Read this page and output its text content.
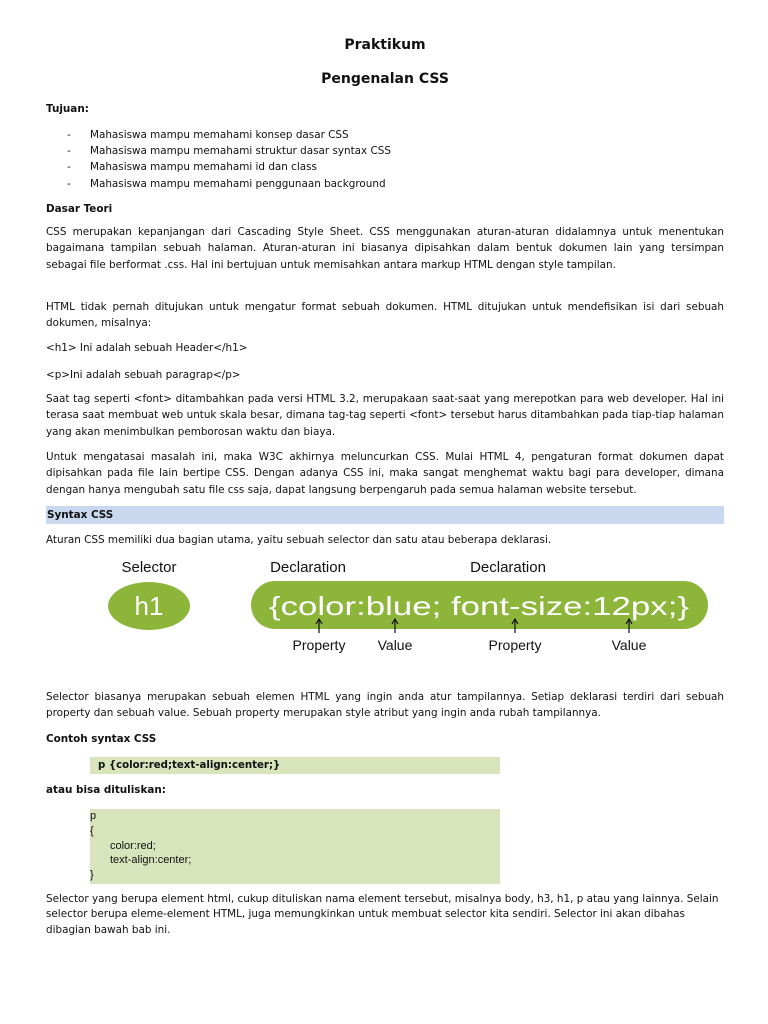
Praktikum

Pengenalan CSS

Tujuan:

- Mahasiswa mampu memahami konsep dasar CSS
- Mahasiswa mampu memahami struktur dasar syntax CSS
- Mahasiswa mampu memahami id dan class
- Mahasiswa mampu memahami penggunaan background

Dasar Teori

CSS merupakan kepanjangan dari Cascading Style Sheet. CSS menggunakan aturan-aturan didalamnya untuk menentukan bagaimana tampilan sebuah halaman. Aturan-aturan ini biasanya dipisahkan dalam bentuk dokumen lain yang tersimpan sebagai file berformat .css. Hal ini bertujuan untuk memisahkan antara markup HTML dengan style tampilan.

HTML tidak pernah ditujukan untuk mengatur format sebuah dokumen. HTML ditujukan untuk mendefisikan isi dari sebuah dokumen, misalnya:

<h1> Ini adalah sebuah Header</h1>

<p>Ini adalah sebuah paragrap</p>

Saat tag seperti <font> ditambahkan pada versi HTML 3.2, merupakaan saat-saat yang merepotkan para web developer. Hal ini terasa saat membuat web untuk skala besar, dimana tag-tag seperti <font> tersebut harus ditambahkan pada tiap-tiap halaman yang akan menimbulkan pemborosan waktu dan biaya.

Untuk mengatasai masalah ini, maka W3C akhirnya meluncurkan CSS. Mulai HTML 4, pengaturan format dokumen dapat dipisahkan pada file lain bertipe CSS. Dengan adanya CSS ini, maka sangat menghemat waktu bagi para developer, dimana dengan hanya mengubah satu file css saja, dapat langsung berpengaruh pada semua halaman website tersebut.

Syntax CSS

Aturan CSS memiliki dua bagian utama, yaitu sebuah selector dan satu atau beberapa deklarasi.

Selector	Declaration	Declaration
h1	{color:blue; font-size:12px;}
Property Value	Property	Value

Selector biasanya merupakan sebuah elemen HTML yang ingin anda atur tampilannya. Setiap deklarasi terdiri dari sebuah property dan sebuah value. Sebuah property merupakan style atribut yang ingin anda rubah tampilannya.

Contoh syntax CSS

p {color:red;text-align:center;}

atau bisa dituliskan:

p
{
color:red;
text-align:center;
}

Selector yang berupa element html, cukup dituliskan nama element tersebut, misalnya body, h3, h1, p atau yang lainnya. Selain selector berupa eleme-element HTML, juga memungkinkan untuk membuat selector kita sendiri. Selector ini akan dibahas dibagian bawah bab ini.
